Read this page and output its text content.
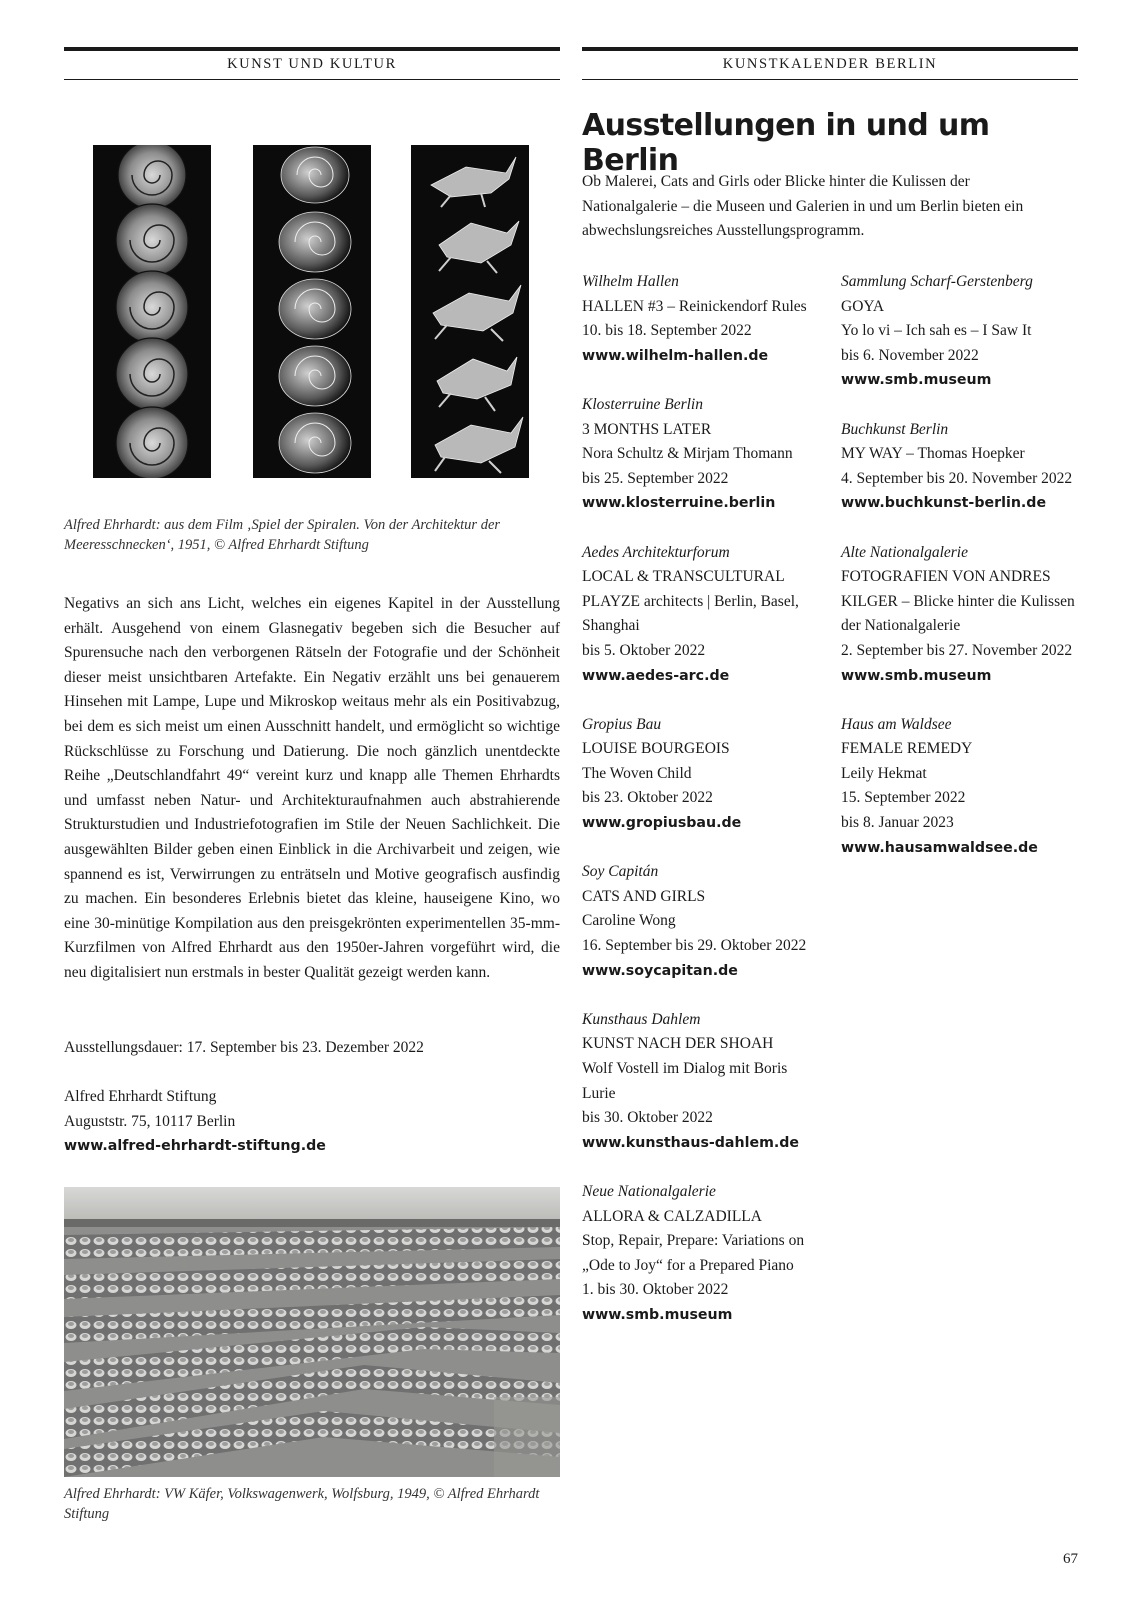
KUNST UND KULTUR	KUNSTKALENDER BERLIN
Alfred Ehrhardt: aus dem Film ‚Spiel der Spiralen. Von der Architektur der Meeresschnecken‘, 1951, © Alfred Ehrhardt Stiftung

Negativs an sich ans Licht, welches ein eigenes Kapitel in der Ausstellung erhält. Ausgehend von einem Glasnegativ begeben sich die Besucher auf Spurensuche nach den verborgenen Rätseln der Fotografie und der Schönheit dieser meist unsichtbaren Artefakte. Ein Negativ erzählt uns bei genauerem Hinsehen mit Lampe, Lupe und Mikroskop weitaus mehr als ein Positivabzug, bei dem es sich meist um einen Ausschnitt handelt, und ermöglicht so wichtige Rückschlüsse zu Forschung und Datierung. Die noch gänzlich unentdeckte Reihe „Deutschlandfahrt 49“ vereint kurz und knapp alle Themen Ehrhardts und umfasst neben Natur- und Architekturaufnahmen auch abstrahierende Strukturstudien und Industriefotografien im Stile der Neuen Sachlichkeit. Die ausgewählten Bilder geben einen Einblick in die Archivarbeit und zeigen, wie spannend es ist, Verwirrungen zu enträtseln und Motive geografisch ausfindig zu machen. Ein besonderes Erlebnis bietet das kleine, hauseigene Kino, wo eine 30-minütige Kompilation aus den preisgekrönten experimentellen 35-mm-Kurzfilmen von Alfred Ehrhardt aus den 1950er-Jahren vorgeführt wird, die neu digitalisiert nun erstmals in bester Qualität gezeigt werden kann.

Ausstellungsdauer: 17. September bis 23. Dezember 2022
Alfred Ehrhardt Stiftung
Auguststr. 75, 10117 Berlin
www.alfred-ehrhardt-stiftung.de
Alfred Ehrhardt: VW Käfer, Volkswagenwerk, Wolfsburg, 1949, © Alfred Ehrhardt Stiftung
Ausstellungen in und um Berlin

Ob Malerei, Cats and Girls oder Blicke hinter die Kulissen der Nationalgalerie – die Museen und Galerien in und um Berlin bieten ein abwechslungsreiches Ausstellungsprogramm.

Wilhelm Hallen
HALLEN #3 – Reinickendorf Rules
10. bis 18. September 2022
www.wilhelm-hallen.de
Klosterruine Berlin
3 MONTHS LATER
Nora Schultz & Mirjam Thomann
bis 25. September 2022
www.klosterruine.berlin
Aedes Architekturforum
LOCAL & TRANSCULTURAL
PLAYZE architects | Berlin, Basel,
Shanghai
bis 5. Oktober 2022
www.aedes-arc.de
Gropius Bau
LOUISE BOURGEOIS
The Woven Child
bis 23. Oktober 2022
www.gropiusbau.de
Soy Capitán
CATS AND GIRLS
Caroline Wong
16. September bis 29. Oktober 2022
www.soycapitan.de
Kunsthaus Dahlem
KUNST NACH DER SHOAH
Wolf Vostell im Dialog mit Boris
Lurie
bis 30. Oktober 2022
www.kunsthaus-dahlem.de
Neue Nationalgalerie
ALLORA & CALZADILLA
Stop, Repair, Prepare: Variations on
„Ode to Joy“ for a Prepared Piano
1. bis 30. Oktober 2022
www.smb.museum
Sammlung Scharf-Gerstenberg
GOYA
Yo lo vi – Ich sah es – I Saw It
bis 6. November 2022
www.smb.museum
Buchkunst Berlin
MY WAY – Thomas Hoepker
4. September bis 20. November 2022
www.buchkunst-berlin.de
Alte Nationalgalerie
FOTOGRAFIEN VON ANDRES
KILGER – Blicke hinter die Kulissen
der Nationalgalerie
2. September bis 27. November 2022
www.smb.museum
Haus am Waldsee
FEMALE REMEDY
Leily Hekmat
15. September 2022
bis 8. Januar 2023
www.hausamwaldsee.de
67
